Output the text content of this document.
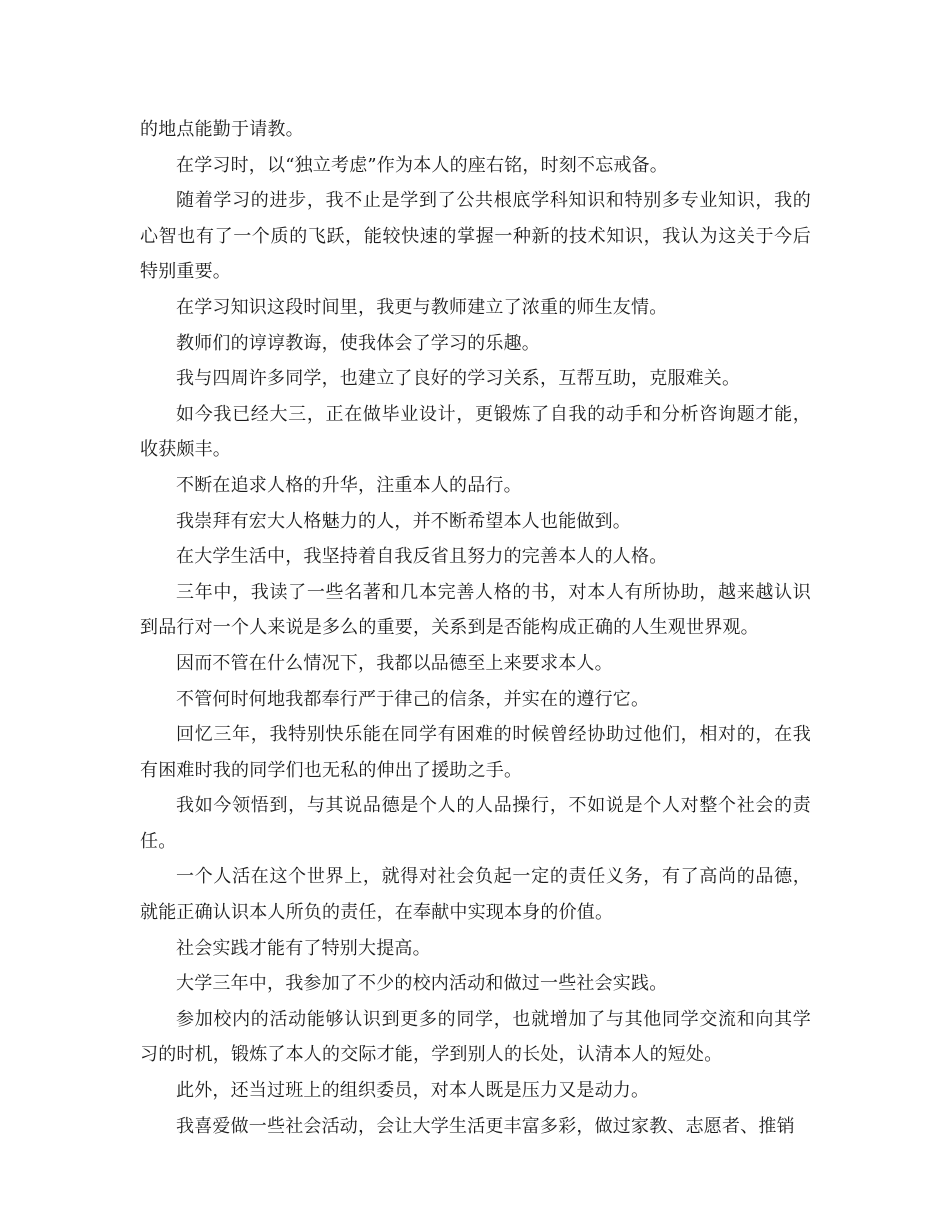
的地点能勤于请教。

在学习时，以“独立考虑”作为本人的座右铭，时刻不忘戒备。

随着学习的进步，我不止是学到了公共根底学科知识和特别多专业知识，我的心智也有了一个质的飞跃，能较快速的掌握一种新的技术知识，我认为这关于今后特别重要。

在学习知识这段时间里，我更与教师建立了浓重的师生友情。

教师们的谆谆教诲，使我体会了学习的乐趣。

我与四周许多同学，也建立了良好的学习关系，互帮互助，克服难关。

如今我已经大三，正在做毕业设计，更锻炼了自我的动手和分析咨询题才能，收获颇丰。

不断在追求人格的升华，注重本人的品行。

我崇拜有宏大人格魅力的人，并不断希望本人也能做到。

在大学生活中，我坚持着自我反省且努力的完善本人的人格。

三年中，我读了一些名著和几本完善人格的书，对本人有所协助，越来越认识到品行对一个人来说是多么的重要，关系到是否能构成正确的人生观世界观。

因而不管在什么情况下，我都以品德至上来要求本人。

不管何时何地我都奉行严于律己的信条，并实在的遵行它。

回忆三年，我特别快乐能在同学有困难的时候曾经协助过他们，相对的，在我有困难时我的同学们也无私的伸出了援助之手。

我如今领悟到，与其说品德是个人的人品操行，不如说是个人对整个社会的责任。

一个人活在这个世界上，就得对社会负起一定的责任义务，有了高尚的品德，就能正确认识本人所负的责任，在奉献中实现本身的价值。

社会实践才能有了特别大提高。

大学三年中，我参加了不少的校内活动和做过一些社会实践。

参加校内的活动能够认识到更多的同学，也就增加了与其他同学交流和向其学习的时机，锻炼了本人的交际才能，学到别人的长处，认清本人的短处。

此外，还当过班上的组织委员，对本人既是压力又是动力。

我喜爱做一些社会活动，会让大学生活更丰富多彩，做过家教、志愿者、推销
